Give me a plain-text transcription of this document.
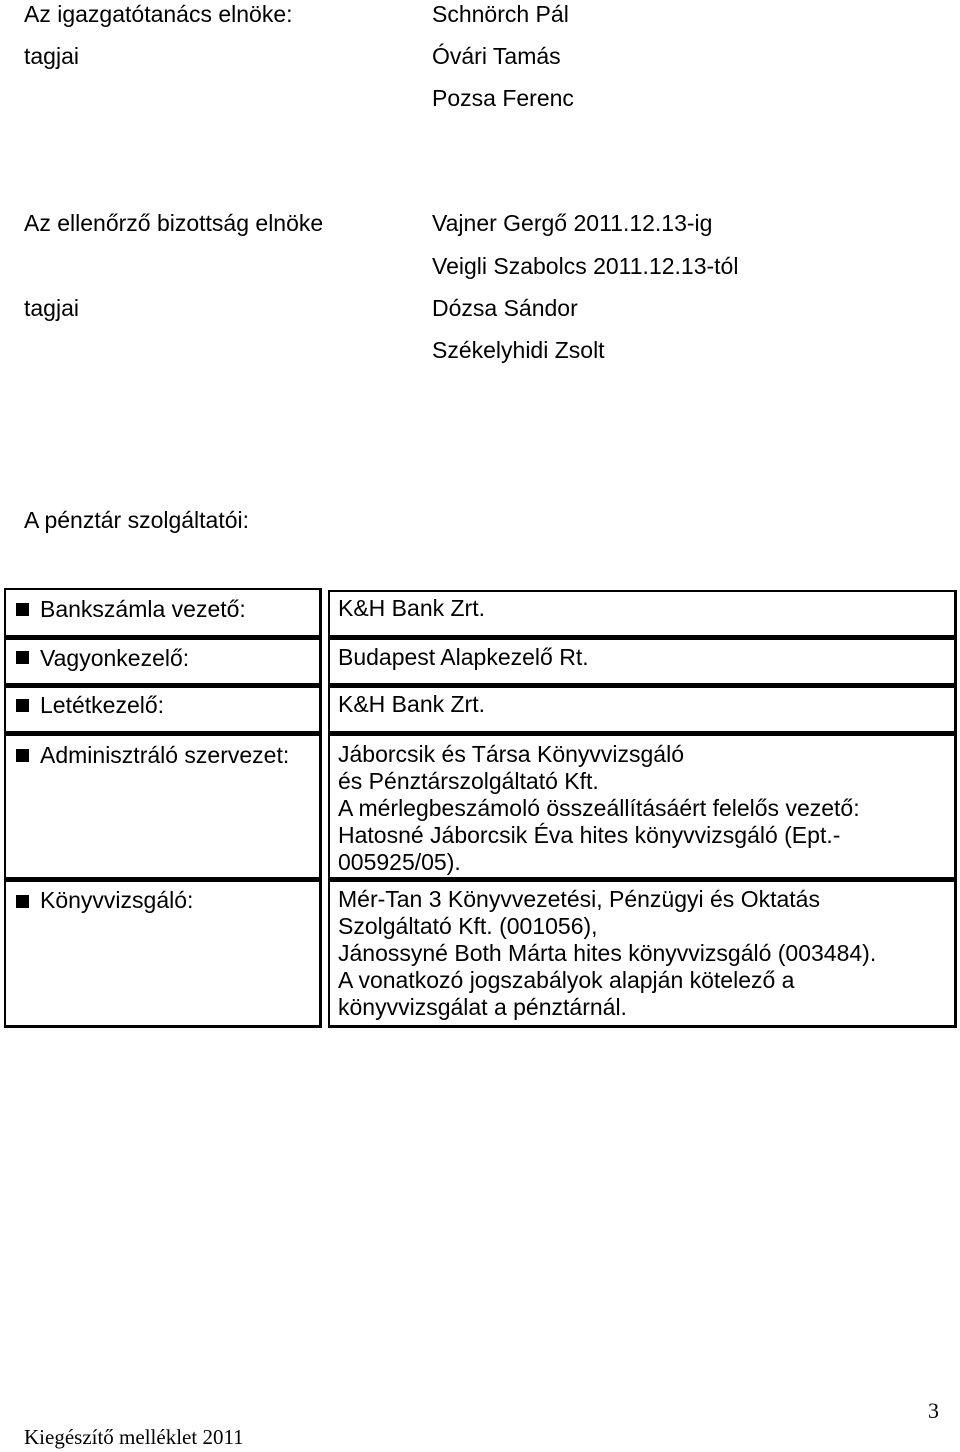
Az igazgatótanács elnöke:	Schnörch Pál
tagjai	Óvári Tamás
Pozsa Ferenc
Az ellenőrző bizottság elnöke	Vajner Gergő 2011.12.13-ig
Veigli Szabolcs 2011.12.13-tól
tagjai	Dózsa Sándor
Székelyhidi Zsolt
A pénztár szolgáltatói:
Bankszámla vezető:	K&H Bank Zrt.
Vagyonkezelő:	Budapest Alapkezelő Rt.
Letétkezelő:	K&H Bank Zrt.
Adminisztráló szervezet: Jáborcsik és Társa Könyvvizsgáló
és Pénztárszolgáltató Kft.
A mérlegbeszámoló összeállításáért felelős vezető:
Hatosné Jáborcsik Éva hites könyvvizsgáló (Ept.-
005925/05).
Könyvvizsgáló:	Mér-Tan 3 Könyvvezetési, Pénzügyi és Oktatás
Szolgáltató Kft. (001056),
Jánossyné Both Márta hites könyvvizsgáló (003484).
A vonatkozó jogszabályok alapján kötelező a
könyvvizsgálat a pénztárnál.
3
Kiegészítő melléklet 2011
